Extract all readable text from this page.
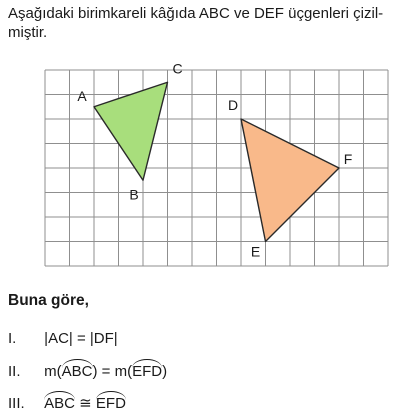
Aşağıdaki birimkareli kâğıda ABC ve DEF üçgenleri çizil-miştir.

A
B
C
D
E
F

Buna göre,

I. |AC| = |DF|
II. m(ABC) = m(EFD)
III. ABC ≅ EFD
